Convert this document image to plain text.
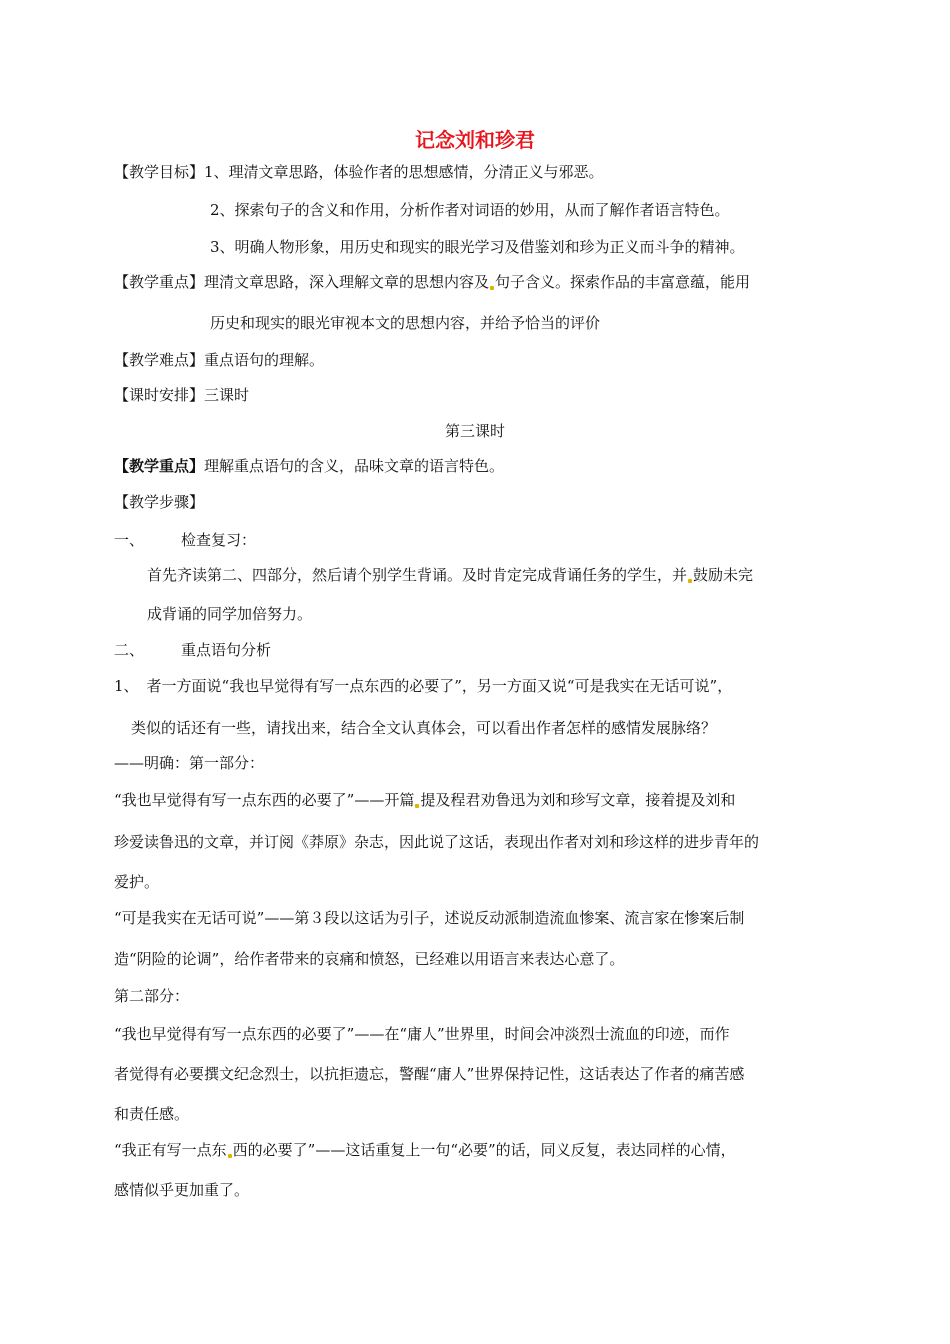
记念刘和珍君
【教学目标】1、理清文章思路，体验作者的思想感情，分清正义与邪恶。
2、探索句子的含义和作用，分析作者对词语的妙用，从而了解作者语言特色。
3、明确人物形象，用历史和现实的眼光学习及借鉴刘和珍为正义而斗争的精神。
【教学重点】理清文章思路，深入理解文章的思想内容及 句子含义。探索作品的丰富意蕴，能用
历史和现实的眼光审视本文的思想内容，并给予恰当的评价
【教学难点】重点语句的理解。
【课时安排】三课时
第三课时
【教学重点】理解重点语句的含义，品味文章的语言特色。
【教学步骤】
一、 检查复习：
首先齐读第二、四部分，然后请个别学生背诵。及时肯定完成背诵任务的学生，并 鼓励未完
成背诵的同学加倍努力。
二、 重点语句分析
1、 者一方面说“我也早觉得有写一点东西的必要了”，另一方面又说“可是我实在无话可说”，
类似的话还有一些，请找出来，结合全文认真体会，可以看出作者怎样的感情发展脉络？
——明确：第一部分：
“我也早觉得有写一点东西的必要了”——开篇 提及程君劝鲁迅为刘和珍写文章，接着提及刘和
珍爱读鲁迅的文章，并订阅《莽原》杂志，因此说了这话，表现出作者对刘和珍这样的进步青年的
爱护。
“可是我实在无话可说”——第３段以这话为引子，述说反动派制造流血惨案、流言家在惨案后制
造“阴险的论调”，给作者带来的哀痛和愤怒，已经难以用语言来表达心意了。
第二部分：
“我也早觉得有写一点东西的必要了”——在“庸人”世界里，时间会冲淡烈士流血的印迹，而作
者觉得有必要撰文纪念烈士，以抗拒遗忘，警醒“庸人”世界保持记性，这话表达了作者的痛苦感
和责任感。
“我正有写一点东 西的必要了”——这话重复上一句“必要”的话，同义反复，表达同样的心情，
感情似乎更加重了。
